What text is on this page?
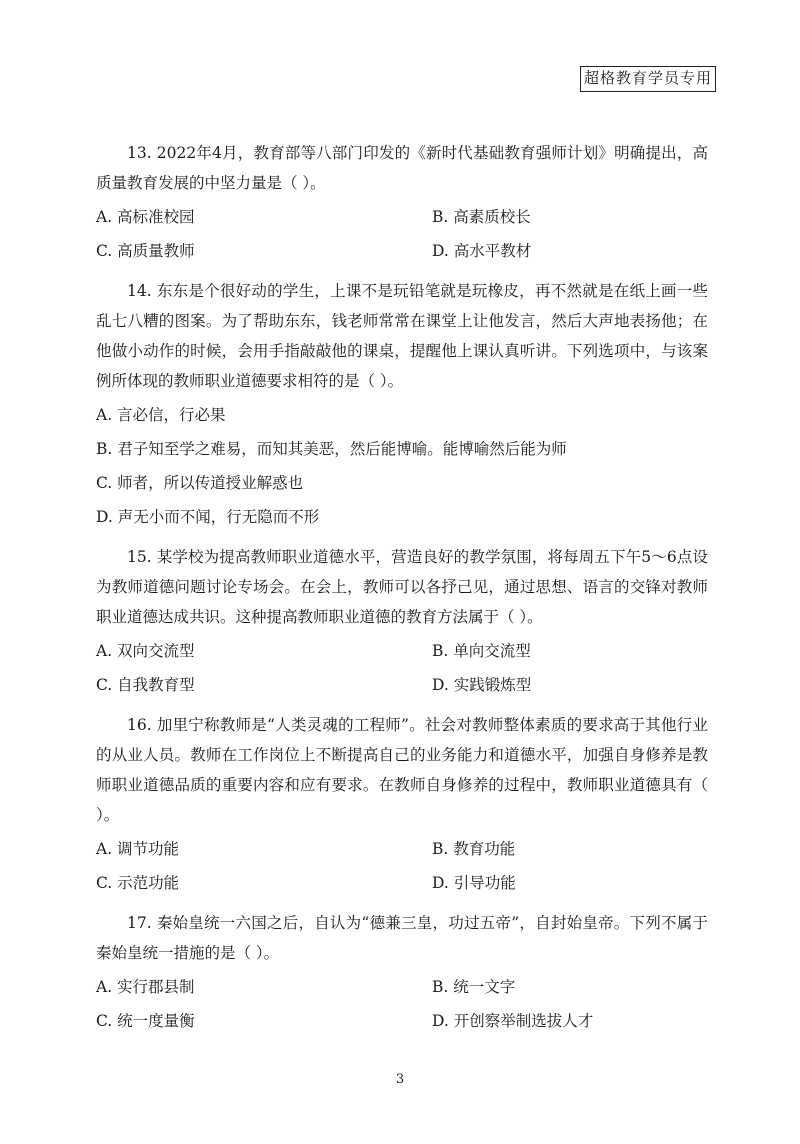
超格教育学员专用

13. 2022年4月，教育部等八部门印发的《新时代基础教育强师计划》明确提出，高质量教育发展的中坚力量是（ ）。

A. 高标准校园	B. 高素质校长
C. 高质量教师	D. 高水平教材

14. 东东是个很好动的学生，上课不是玩铅笔就是玩橡皮，再不然就是在纸上画一些乱七八糟的图案。为了帮助东东，钱老师常常在课堂上让他发言，然后大声地表扬他；在他做小动作的时候，会用手指敲敲他的课桌，提醒他上课认真听讲。下列选项中，与该案例所体现的教师职业道德要求相符的是（ ）。

A. 言必信，行必果
B. 君子知至学之难易，而知其美恶，然后能博喻。能博喻然后能为师
C. 师者，所以传道授业解惑也
D. 声无小而不闻，行无隐而不形

15. 某学校为提高教师职业道德水平，营造良好的教学氛围，将每周五下午5～6点设为教师道德问题讨论专场会。在会上，教师可以各抒己见，通过思想、语言的交锋对教师职业道德达成共识。这种提高教师职业道德的教育方法属于（ ）。

A. 双向交流型	B. 单向交流型
C. 自我教育型	D. 实践锻炼型

16. 加里宁称教师是“人类灵魂的工程师”。社会对教师整体素质的要求高于其他行业的从业人员。教师在工作岗位上不断提高自己的业务能力和道德水平，加强自身修养是教师职业道德品质的重要内容和应有要求。在教师自身修养的过程中，教师职业道德具有（ ）。

A. 调节功能	B. 教育功能
C. 示范功能	D. 引导功能

17. 秦始皇统一六国之后，自认为“德兼三皇，功过五帝”，自封始皇帝。下列不属于秦始皇统一措施的是（ ）。

A. 实行郡县制	B. 统一文字
C. 统一度量衡	D. 开创察举制选拔人才
3
